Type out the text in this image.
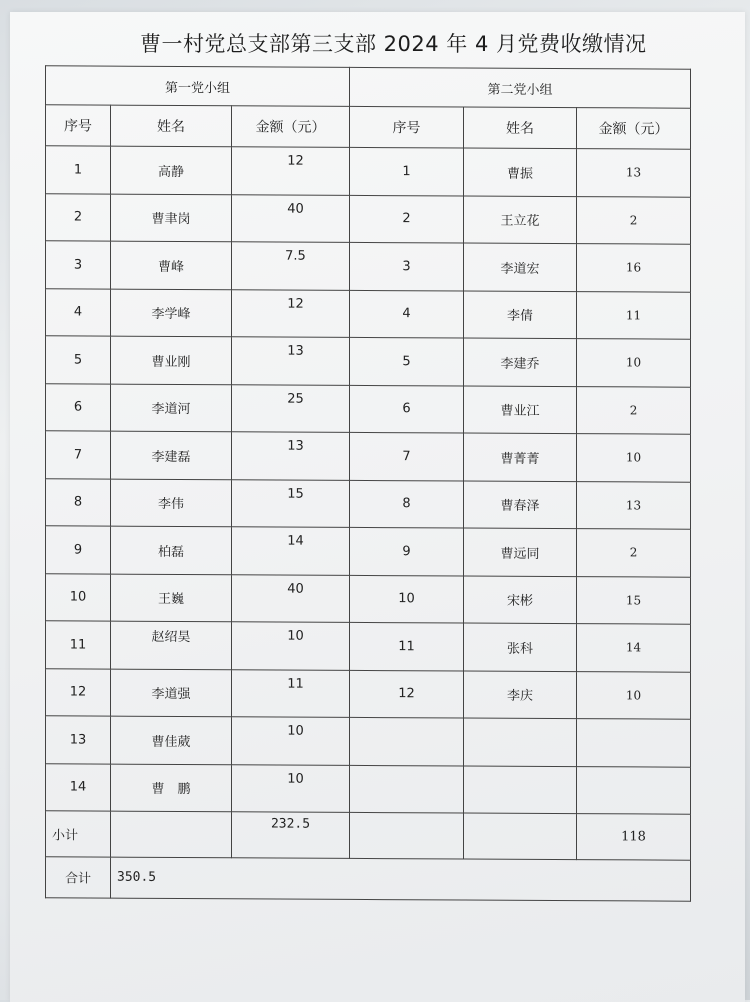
曹一村党总支部第三支部 2024 年 4 月党费收缴情况
第一党小组			第二党小组		
序号	姓名	金额（元）	序号	姓名	金额（元）
1	高静	12	1	曹振	13
2	曹聿岗	40	2	王立花	2
3	曹峰	7.5	3	李道宏	16
4	李学峰	12	4	李倩	11
5	曹业刚	13	5	李建乔	10
6	李道河	25	6	曹业江	2
7	李建磊	13	7	曹菁菁	10
8	李伟	15	8	曹春泽	13
9	柏磊	14	9	曹远同	2
10	王巍	40	10	宋彬	15
11	赵绍昊	10	11	张科	14
12	李道强	11	12	李庆	10
13	曹佳葳	10			
14	曹　鹏	10			
小计		232.5			118
合计	350.5				
